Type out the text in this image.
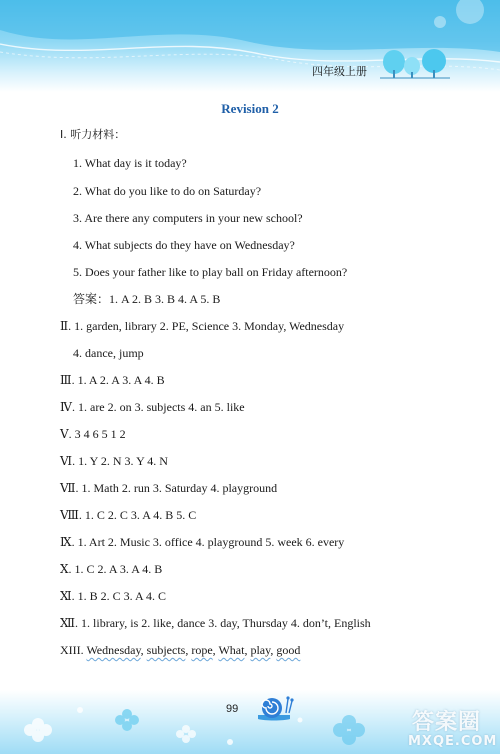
四年级上册
Revision 2
Ⅰ. 听力材料：
1. What day is it today?
2. What do you like to do on Saturday?
3. Are there any computers in your new school?
4. What subjects do they have on Wednesday?
5. Does your father like to play ball on Friday afternoon?
答案：1. A 2. B 3. B 4. A 5. B
Ⅱ. 1. garden, library 2. PE, Science 3. Monday, Wednesday
4. dance, jump
Ⅲ. 1. A 2. A 3. A 4. B
Ⅳ. 1. are 2. on 3. subjects 4. an 5. like
Ⅴ. 3 4 6 5 1 2
Ⅵ. 1. Y 2. N 3. Y 4. N
Ⅶ. 1. Math 2. run 3. Saturday 4. playground
Ⅷ. 1. C 2. C 3. A 4. B 5. C
Ⅸ. 1. Art 2. Music 3. office 4. playground 5. week 6. every
Ⅹ. 1. C 2. A 3. A 4. B
Ⅺ. 1. B 2. C 3. A 4. C
Ⅻ. 1. library, is 2. like, dance 3. day, Thursday 4. don’t, English
XIII. Wednesday, subjects, rope, What, play, good
99
答案圈
MXQE.COM
